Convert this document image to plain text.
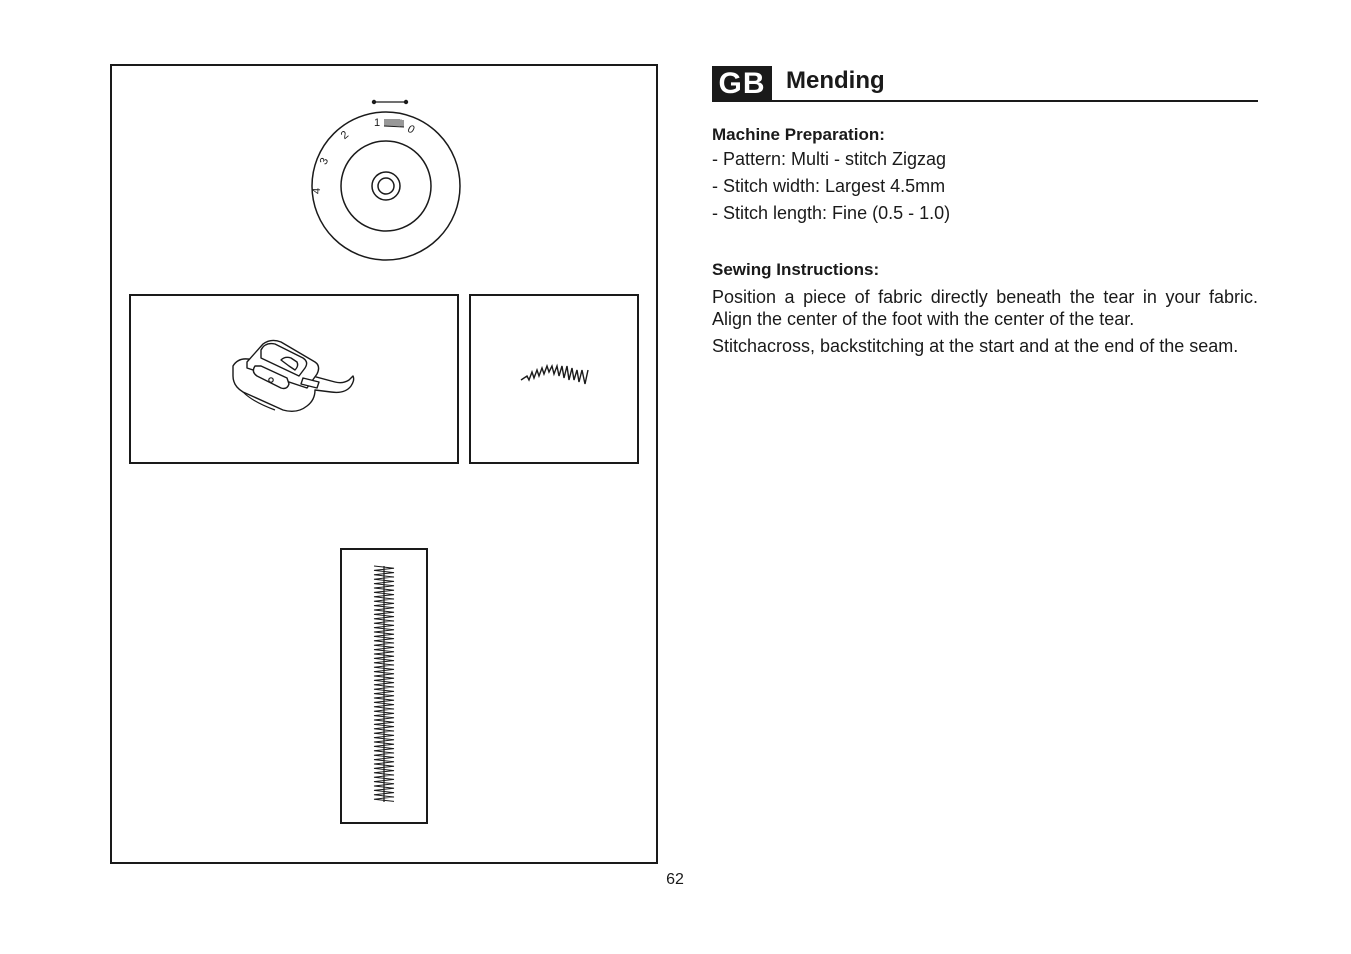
1
0
2
3
4
GB Mending

Machine Preparation:

- Pattern: Multi - stitch Zigzag

- Stitch width: Largest 4.5mm

- Stitch length: Fine (0.5 - 1.0)

Sewing Instructions:

Position a piece of fabric directly beneath the tear in your fabric. Align the center of the foot with the center of the tear.

Stitchacross, backstitching at the start and at the end of the seam.

62
